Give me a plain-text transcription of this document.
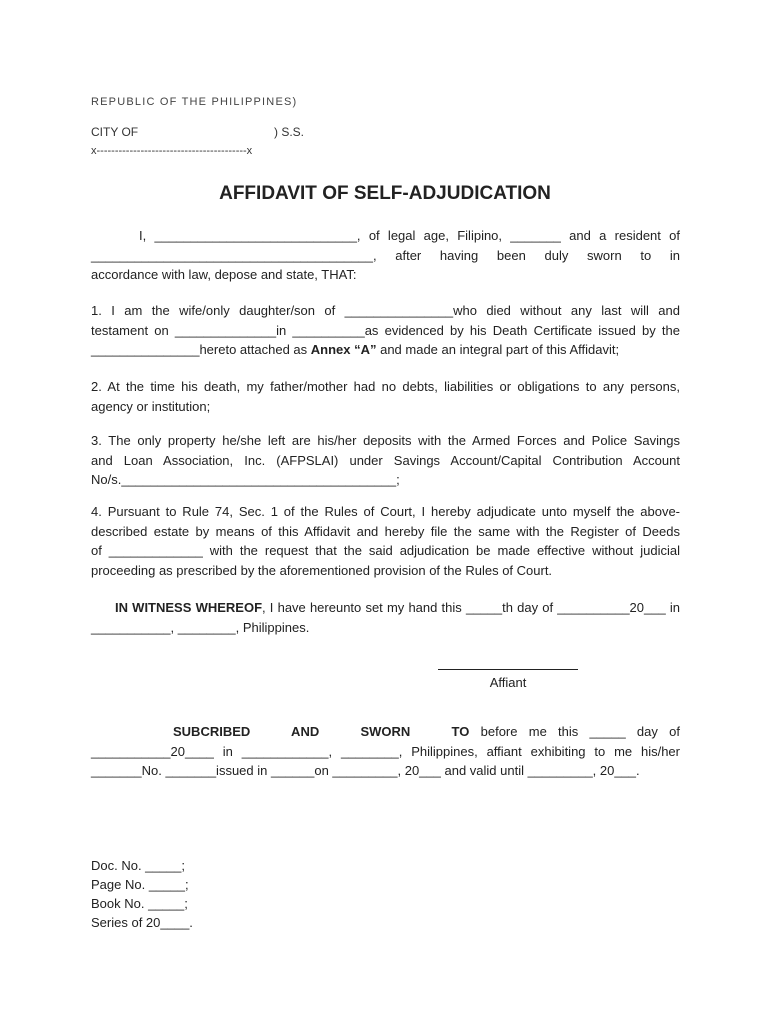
REPUBLIC OF THE PHILIPPINES)
CITY OF	) S.S.
x-----------------------------------------x
AFFIDAVIT OF SELF-ADJUDICATION
I, ____________________________, of legal age, Filipino, _______ and a resident of
_______________________________________, after having been duly sworn to in
accordance with law, depose and state, THAT:
1. I am the wife/only daughter/son of _______________who died without any last will and
testament on ______________in __________as evidenced by his Death Certificate issued by the
_______________hereto attached as Annex “A” and made an integral part of this Affidavit;
2. At the time his death, my father/mother had no debts, liabilities or obligations to any persons,
agency or institution;
3. The only property he/she left are his/her deposits with the Armed Forces and Police Savings
and Loan Association, Inc. (AFPSLAI) under Savings Account/Capital Contribution Account
No/s.______________________________________;
4. Pursuant to Rule 74, Sec. 1 of the Rules of Court, I hereby adjudicate unto myself the above-
described estate by means of this Affidavit and hereby file the same with the Register of Deeds
of _____________ with the request that the said adjudication be made effective without judicial
proceeding as prescribed by the aforementioned provision of the Rules of Court.
IN WITNESS WHEREOF, I have hereunto set my hand this _____th day of __________20___ in
___________, ________, Philippines.
Affiant
SUBCRIBED AND SWORN TO before me this _____ day of
___________20____ in ____________, ________, Philippines, affiant exhibiting to me his/her
_______No. _______issued in ______on _________, 20___ and valid until _________, 20___.
Doc. No. _____;
Page No. _____;
Book No. _____;
Series of 20____.
